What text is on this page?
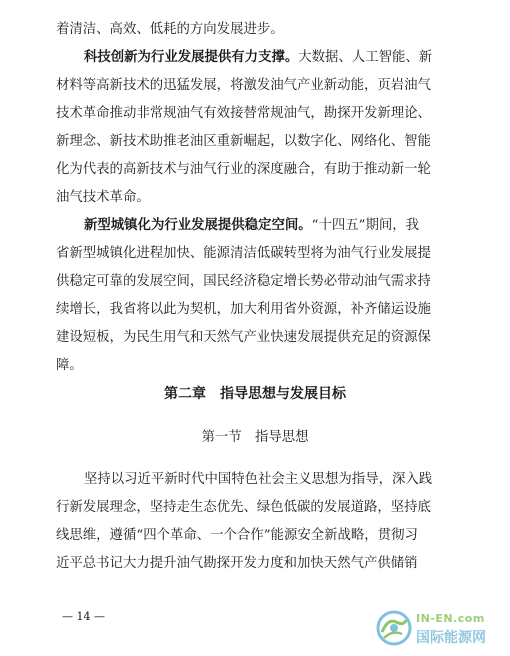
着清洁、高效、低耗的方向发展进步。
科技创新为行业发展提供有力支撑。大数据、人工智能、新
材料等高新技术的迅猛发展，将激发油气产业新动能，页岩油气
技术革命推动非常规油气有效接替常规油气，勘探开发新理论、
新理念、新技术助推老油区重新崛起，以数字化、网络化、智能
化为代表的高新技术与油气行业的深度融合，有助于推动新一轮
油气技术革命。
新型城镇化为行业发展提供稳定空间。“十四五”期间，我
省新型城镇化进程加快、能源清洁低碳转型将为油气行业发展提
供稳定可靠的发展空间，国民经济稳定增长势必带动油气需求持
续增长，我省将以此为契机，加大利用省外资源，补齐储运设施
建设短板，为民生用气和天然气产业快速发展提供充足的资源保
障。
第二章　指导思想与发展目标
第一节　指导思想
坚持以习近平新时代中国特色社会主义思想为指导，深入践
行新发展理念，坚持走生态优先、绿色低碳的发展道路，坚持底
线思维，遵循“四个革命、一个合作”能源安全新战略，贯彻习
近平总书记大力提升油气勘探开发力度和加快天然气产供储销
— 14 —	IN-EN.com
国际能源网
